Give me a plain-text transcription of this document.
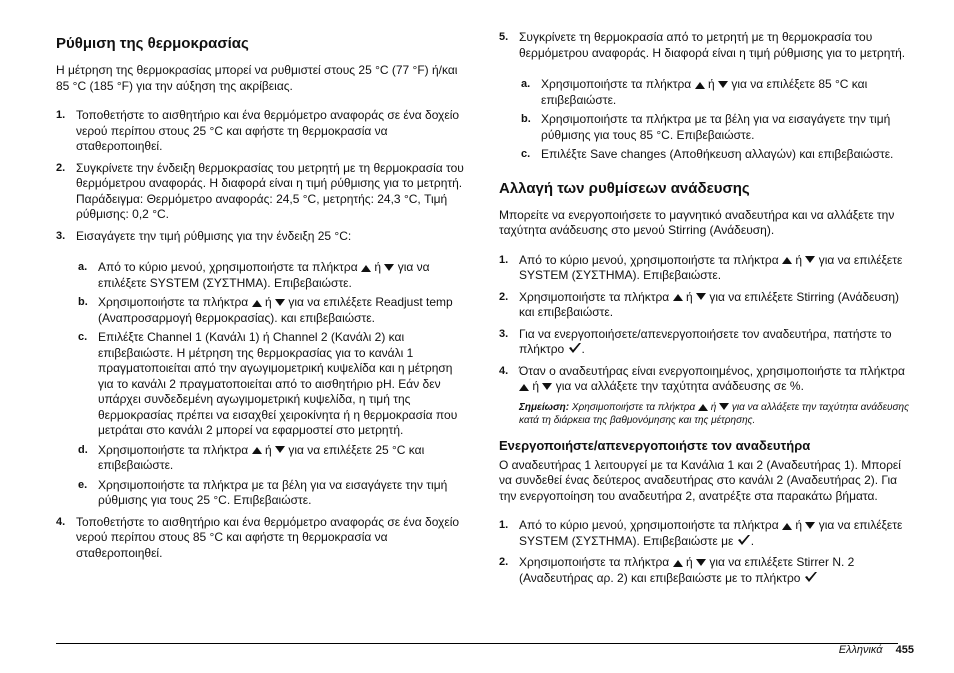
Ρύθμιση της θερμοκρασίας

Η μέτρηση της θερμοκρασίας μπορεί να ρυθμιστεί στους 25 °C (77 °F) ή/και 85 °C (185 °F) για την αύξηση της ακρίβειας.

1. Τοποθετήστε το αισθητήριο και ένα θερμόμετρο αναφοράς σε ένα δοχείο νερού περίπου στους 25 °C και αφήστε τη θερμοκρασία να σταθεροποιηθεί.
2. Συγκρίνετε την ένδειξη θερμοκρασίας του μετρητή με τη θερμοκρασία του θερμόμετρου αναφοράς. Η διαφορά είναι η τιμή ρύθμισης για το μετρητή.
Παράδειγμα: Θερμόμετρο αναφοράς: 24,5 °C, μετρητής: 24,3 °C, Τιμή ρύθμισης: 0,2 °C.
3. Εισαγάγετε την τιμή ρύθμισης για την ένδειξη 25 °C:
a. Από το κύριο μενού, χρησιμοποιήστε τα πλήκτρα ή για να επιλέξετε SYSTEM (ΣΥΣΤΗΜΑ). Επιβεβαιώστε.
b. Χρησιμοποιήστε τα πλήκτρα ή για να επιλέξετε Readjust temp (Αναπροσαρμογή θερμοκρασίας). και επιβεβαιώστε.
c. Επιλέξτε Channel 1 (Κανάλι 1) ή Channel 2 (Κανάλι 2) και επιβεβαιώστε. Η μέτρηση της θερμοκρασίας για το κανάλι 1 πραγματοποιείται από την αγωγιμομετρική κυψελίδα και η μέτρηση για το κανάλι 2 πραγματοποιείται από το αισθητήριο pH. Εάν δεν υπάρχει συνδεδεμένη αγωγιμομετρική κυψελίδα, η τιμή της θερμοκρασίας πρέπει να εισαχθεί χειροκίνητα ή η θερμοκρασία που μετράται στο κανάλι 2 μπορεί να εφαρμοστεί στο μετρητή.
d. Χρησιμοποιήστε τα πλήκτρα ή για να επιλέξετε 25 °C και επιβεβαιώστε.
e. Χρησιμοποιήστε τα πλήκτρα με τα βέλη για να εισαγάγετε την τιμή ρύθμισης για τους 25 °C. Επιβεβαιώστε.
4. Τοποθετήστε το αισθητήριο και ένα θερμόμετρο αναφοράς σε ένα δοχείο νερού περίπου στους 85 °C και αφήστε τη θερμοκρασία να σταθεροποιηθεί.
5. Συγκρίνετε τη θερμοκρασία από το μετρητή με τη θερμοκρασία του θερμόμετρου αναφοράς. Η διαφορά είναι η τιμή ρύθμισης για το μετρητή.
a. Χρησιμοποιήστε τα πλήκτρα ή για να επιλέξετε 85 °C και επιβεβαιώστε.
b. Χρησιμοποιήστε τα πλήκτρα με τα βέλη για να εισαγάγετε την τιμή ρύθμισης για τους 85 °C. Επιβεβαιώστε.
c. Επιλέξτε Save changes (Αποθήκευση αλλαγών) και επιβεβαιώστε.
Αλλαγή των ρυθμίσεων ανάδευσης

Μπορείτε να ενεργοποιήσετε το μαγνητικό αναδευτήρα και να αλλάξετε την ταχύτητα ανάδευσης στο μενού Stirring (Ανάδευση).

1. Από το κύριο μενού, χρησιμοποιήστε τα πλήκτρα ή για να επιλέξετε SYSTEM (ΣΥΣΤΗΜΑ). Επιβεβαιώστε.
2. Χρησιμοποιήστε τα πλήκτρα ή για να επιλέξετε Stirring (Ανάδευση) και επιβεβαιώστε.
3. Για να ενεργοποιήσετε/απενεργοποιήσετε τον αναδευτήρα, πατήστε το πλήκτρο .
4. Όταν ο αναδευτήρας είναι ενεργοποιημένος, χρησιμοποιήστε τα πλήκτρα  ή για να αλλάξετε την ταχύτητα ανάδευσης σε %.
Σημείωση: Χρησιμοποιήστε τα πλήκτρα ή για να αλλάξετε την ταχύτητα ανάδευσης κατά τη διάρκεια της βαθμονόμησης και της μέτρησης.
Ενεργοποιήστε/απενεργοποιήστε τον αναδευτήρα

Ο αναδευτήρας 1 λειτουργεί με τα Κανάλια 1 και 2 (Αναδευτήρας 1). Μπορεί να συνδεθεί ένας δεύτερος αναδευτήρας στο κανάλι 2 (Αναδευτήρας 2). Για την ενεργοποίηση του αναδευτήρα 2, ανατρέξτε στα παρακάτω βήματα.

1. Από το κύριο μενού, χρησιμοποιήστε τα πλήκτρα ή για να επιλέξετε SYSTEM (ΣΥΣΤΗΜΑ). Επιβεβαιώστε με .
2. Χρησιμοποιήστε τα πλήκτρα ή για να επιλέξετε Stirrer N. 2 (Αναδευτήρας αρ. 2) και επιβεβαιώστε με το πλήκτρο
Ελληνικά 455
